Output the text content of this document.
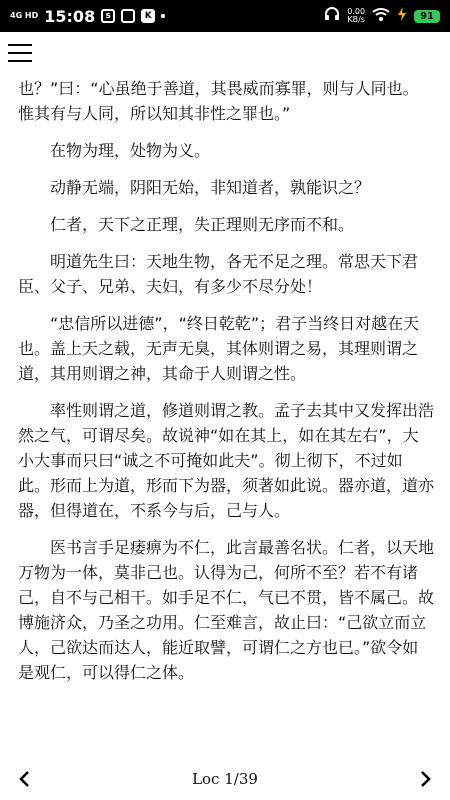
4G HD 15:08	s	K	0.00
KB/s	91

也？”曰：“心虽绝于善道，其畏威而寡罪，则与人同也。惟其有与人同，所以知其非性之罪也。”

在物为理，处物为义。

动静无端，阴阳无始，非知道者，孰能识之？

仁者，天下之正理，失正理则无序而不和。

明道先生曰：天地生物，各无不足之理。常思天下君臣、父子、兄弟、夫妇，有多少不尽分处！

“忠信所以进德”，“终日乾乾”；君子当终日对越在天也。盖上天之载，无声无臭，其体则谓之易，其理则谓之道，其用则谓之神，其命于人则谓之性。

率性则谓之道，修道则谓之教。孟子去其中又发挥出浩然之气，可谓尽矣。故说神“如在其上，如在其左右”，大小大事而只曰“诚之不可掩如此夫”。彻上彻下，不过如此。形而上为道，形而下为器，须著如此说。器亦道，道亦器，但得道在，不系今与后，己与人。

医书言手足痿痹为不仁，此言最善名状。仁者，以天地万物为一体，莫非己也。认得为己，何所不至？若不有诸己，自不与己相干。如手足不仁，气已不贯，皆不属己。故博施济众，乃圣之功用。仁至难言，故止曰：“己欲立而立人，己欲达而达人，能近取譬，可谓仁之方也已。”欲令如是观仁，可以得仁之体。

Loc 1/39
